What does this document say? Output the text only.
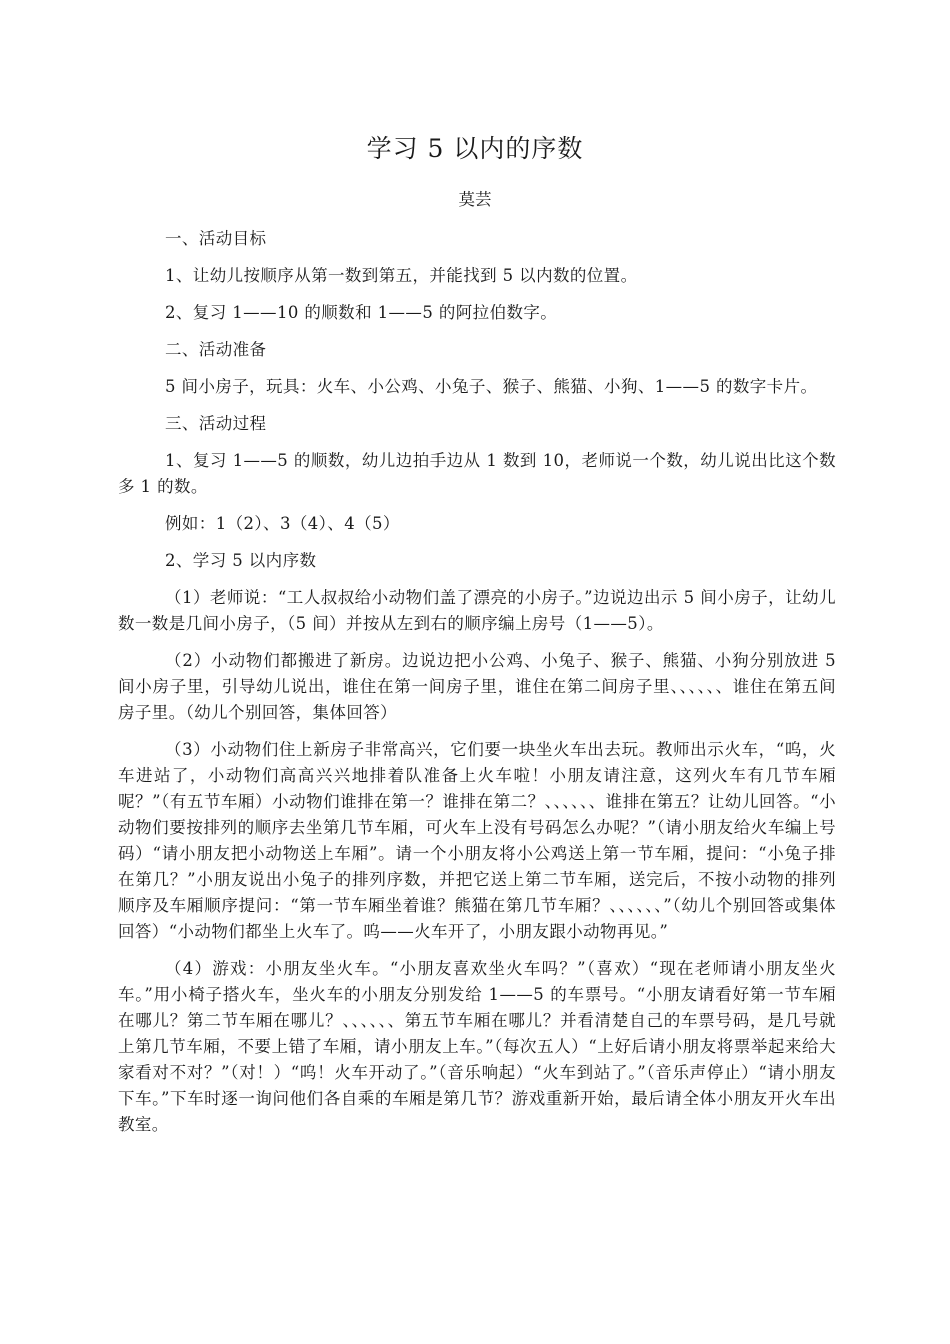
学习 5 以内的序数
莫芸

一、活动目标

1、让幼儿按顺序从第一数到第五，并能找到 5 以内数的位置。

2、复习 1——10 的顺数和 1——5 的阿拉伯数字。

二、活动准备

5 间小房子，玩具：火车、小公鸡、小兔子、猴子、熊猫、小狗、1——5 的数字卡片。

三、活动过程

1、复习 1——5 的顺数，幼儿边拍手边从 1 数到 10，老师说一个数，幼儿说出比这个数多 1 的数。

例如：1（2）、3（4）、4（5）

2、学习 5 以内序数

（1）老师说：“工人叔叔给小动物们盖了漂亮的小房子。”边说边出示 5 间小房子，让幼儿数一数是几间小房子，（5 间）并按从左到右的顺序编上房号（1——5）。

（2）小动物们都搬进了新房。边说边把小公鸡、小兔子、猴子、熊猫、小狗分别放进 5 间小房子里，引导幼儿说出，谁住在第一间房子里，谁住在第二间房子里、、、、、、谁住在第五间房子里。（幼儿个别回答，集体回答）

（3）小动物们住上新房子非常高兴，它们要一块坐火车出去玩。教师出示火车，“呜，火车进站了，小动物们高高兴兴地排着队准备上火车啦！小朋友请注意，这列火车有几节车厢呢？”（有五节车厢）小动物们谁排在第一？谁排在第二？、、、、、、谁排在第五？让幼儿回答。“小动物们要按排列的顺序去坐第几节车厢，可火车上没有号码怎么办呢？”（请小朋友给火车编上号码）“请小朋友把小动物送上车厢”。请一个小朋友将小公鸡送上第一节车厢，提问：“小兔子排在第几？”小朋友说出小兔子的排列序数，并把它送上第二节车厢，送完后，不按小动物的排列顺序及车厢顺序提问：“第一节车厢坐着谁？熊猫在第几节车厢？、、、、、、”（幼儿个别回答或集体回答）“小动物们都坐上火车了。呜——火车开了，小朋友跟小动物再见。”

（4）游戏：小朋友坐火车。“小朋友喜欢坐火车吗？”（喜欢）“现在老师请小朋友坐火车。”用小椅子搭火车，坐火车的小朋友分别发给 1——5 的车票号。“小朋友请看好第一节车厢在哪儿？第二节车厢在哪儿？、、、、、、第五节车厢在哪儿？并看清楚自己的车票号码，是几号就上第几节车厢，不要上错了车厢，请小朋友上车。”（每次五人）“上好后请小朋友将票举起来给大家看对不对？”（对！）“呜！火车开动了。”（音乐响起）“火车到站了。”（音乐声停止）“请小朋友下车。”下车时逐一询问他们各自乘的车厢是第几节？游戏重新开始，最后请全体小朋友开火车出教室。
